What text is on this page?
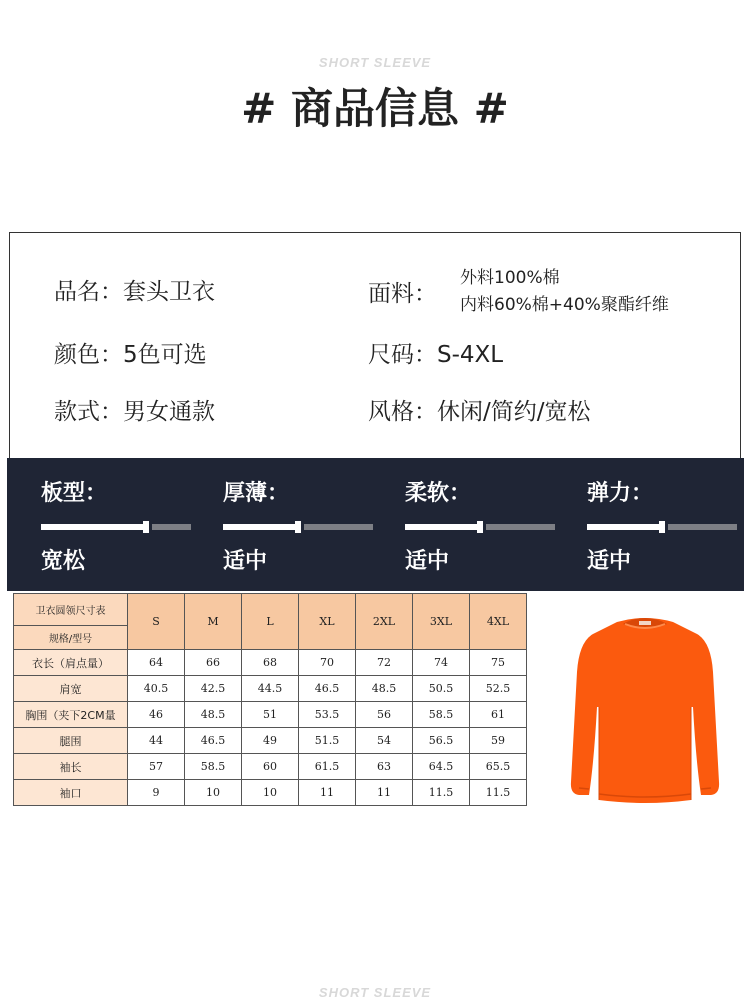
SHORT SLEEVE
# 商品信息 #
品名：套头卫衣
颜色：5色可选
款式：男女通款
面料：
外料100%棉
内料60%棉+40%聚酯纤维
尺码：S-4XL
风格：休闲/简约/宽松
板型：
宽松
厚薄：
适中
柔软：
适中
弹力：
适中
卫衣圆领尺寸表	S	M	L	XL	2XL	3XL	4XL
规格/型号							
衣长（肩点量）	64	66	68	70	72	74	75
肩宽	40.5	42.5	44.5	46.5	48.5	50.5	52.5
胸围（夹下2CM量	46	48.5	51	53.5	56	58.5	61
腿围	44	46.5	49	51.5	54	56.5	59
袖长	57	58.5	60	61.5	63	64.5	65.5
袖口	9	10	10	11	11	11.5	11.5
SHORT SLEEVE
